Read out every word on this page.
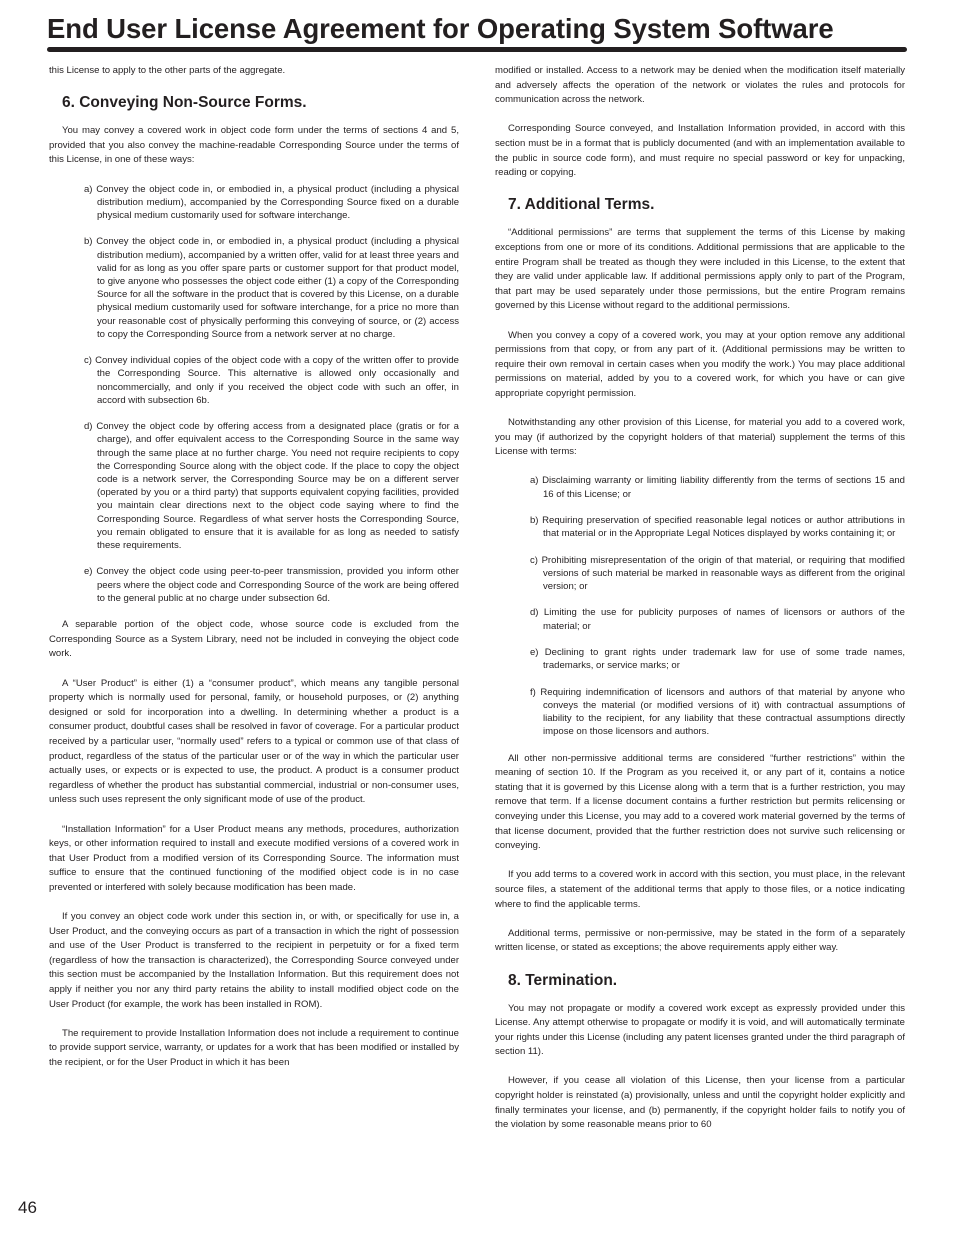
End User License Agreement for Operating System Software

this License to apply to the other parts of the aggregate.

6. Conveying Non-Source Forms.

You may convey a covered work in object code form under the terms of sections 4 and 5, provided that you also convey the machine-readable Corresponding Source under the terms of this License, in one of these ways:

a) Convey the object code in, or embodied in, a physical product (including a physical distribution medium), accompanied by the Corresponding Source fixed on a durable physical medium customarily used for software interchange.
b) Convey the object code in, or embodied in, a physical product (including a physical distribution medium), accompanied by a written offer, valid for at least three years and valid for as long as you offer spare parts or customer support for that product model, to give anyone who possesses the object code either (1) a copy of the Corresponding Source for all the software in the product that is covered by this License, on a durable physical medium customarily used for software interchange, for a price no more than your reasonable cost of physically performing this conveying of source, or (2) access to copy the Corresponding Source from a network server at no charge.
c) Convey individual copies of the object code with a copy of the written offer to provide the Corresponding Source. This alternative is allowed only occasionally and noncommercially, and only if you received the object code with such an offer, in accord with subsection 6b.
d) Convey the object code by offering access from a designated place (gratis or for a charge), and offer equivalent access to the Corresponding Source in the same way through the same place at no further charge. You need not require recipients to copy the Corresponding Source along with the object code. If the place to copy the object code is a network server, the Corresponding Source may be on a different server (operated by you or a third party) that supports equivalent copying facilities, provided you maintain clear directions next to the object code saying where to find the Corresponding Source. Regardless of what server hosts the Corresponding Source, you remain obligated to ensure that it is available for as long as needed to satisfy these requirements.
e) Convey the object code using peer-to-peer transmission, provided you inform other peers where the object code and Corresponding Source of the work are being offered to the general public at no charge under subsection 6d.

A separable portion of the object code, whose source code is excluded from the Corresponding Source as a System Library, need not be included in conveying the object code work.

A “User Product” is either (1) a “consumer product”, which means any tangible personal property which is normally used for personal, family, or household purposes, or (2) anything designed or sold for incorporation into a dwelling. In determining whether a product is a consumer product, doubtful cases shall be resolved in favor of coverage. For a particular product received by a particular user, “normally used” refers to a typical or common use of that class of product, regardless of the status of the particular user or of the way in which the particular user actually uses, or expects or is expected to use, the product. A product is a consumer product regardless of whether the product has substantial commercial, industrial or non-consumer uses, unless such uses represent the only significant mode of use of the product.

“Installation Information” for a User Product means any methods, procedures, authorization keys, or other information required to install and execute modified versions of a covered work in that User Product from a modified version of its Corresponding Source. The information must suffice to ensure that the continued functioning of the modified object code is in no case prevented or interfered with solely because modification has been made.

If you convey an object code work under this section in, or with, or specifically for use in, a User Product, and the conveying occurs as part of a transaction in which the right of possession and use of the User Product is transferred to the recipient in perpetuity or for a fixed term (regardless of how the transaction is characterized), the Corresponding Source conveyed under this section must be accompanied by the Installation Information. But this requirement does not apply if neither you nor any third party retains the ability to install modified object code on the User Product (for example, the work has been installed in ROM).

The requirement to provide Installation Information does not include a requirement to continue to provide support service, warranty, or updates for a work that has been modified or installed by the recipient, or for the User Product in which it has been

modified or installed. Access to a network may be denied when the modification itself materially and adversely affects the operation of the network or violates the rules and protocols for communication across the network.

Corresponding Source conveyed, and Installation Information provided, in accord with this section must be in a format that is publicly documented (and with an implementation available to the public in source code form), and must require no special password or key for unpacking, reading or copying.

7. Additional Terms.

“Additional permissions” are terms that supplement the terms of this License by making exceptions from one or more of its conditions. Additional permissions that are applicable to the entire Program shall be treated as though they were included in this License, to the extent that they are valid under applicable law. If additional permissions apply only to part of the Program, that part may be used separately under those permissions, but the entire Program remains governed by this License without regard to the additional permissions.

When you convey a copy of a covered work, you may at your option remove any additional permissions from that copy, or from any part of it. (Additional permissions may be written to require their own removal in certain cases when you modify the work.) You may place additional permissions on material, added by you to a covered work, for which you have or can give appropriate copyright permission.

Notwithstanding any other provision of this License, for material you add to a covered work, you may (if authorized by the copyright holders of that material) supplement the terms of this License with terms:

a) Disclaiming warranty or limiting liability differently from the terms of sections 15 and 16 of this License; or
b) Requiring preservation of specified reasonable legal notices or author attributions in that material or in the Appropriate Legal Notices displayed by works containing it; or
c) Prohibiting misrepresentation of the origin of that material, or requiring that modified versions of such material be marked in reasonable ways as different from the original version; or
d) Limiting the use for publicity purposes of names of licensors or authors of the material; or
e) Declining to grant rights under trademark law for use of some trade names, trademarks, or service marks; or
f) Requiring indemnification of licensors and authors of that material by anyone who conveys the material (or modified versions of it) with contractual assumptions of liability to the recipient, for any liability that these contractual assumptions directly impose on those licensors and authors.

All other non-permissive additional terms are considered “further restrictions” within the meaning of section 10. If the Program as you received it, or any part of it, contains a notice stating that it is governed by this License along with a term that is a further restriction, you may remove that term. If a license document contains a further restriction but permits relicensing or conveying under this License, you may add to a covered work material governed by the terms of that license document, provided that the further restriction does not survive such relicensing or conveying.

If you add terms to a covered work in accord with this section, you must place, in the relevant source files, a statement of the additional terms that apply to those files, or a notice indicating where to find the applicable terms.

Additional terms, permissive or non-permissive, may be stated in the form of a separately written license, or stated as exceptions; the above requirements apply either way.

8. Termination.

You may not propagate or modify a covered work except as expressly provided under this License. Any attempt otherwise to propagate or modify it is void, and will automatically terminate your rights under this License (including any patent licenses granted under the third paragraph of section 11).

However, if you cease all violation of this License, then your license from a particular copyright holder is reinstated (a) provisionally, unless and until the copyright holder explicitly and finally terminates your license, and (b) permanently, if the copyright holder fails to notify you of the violation by some reasonable means prior to 60

46
